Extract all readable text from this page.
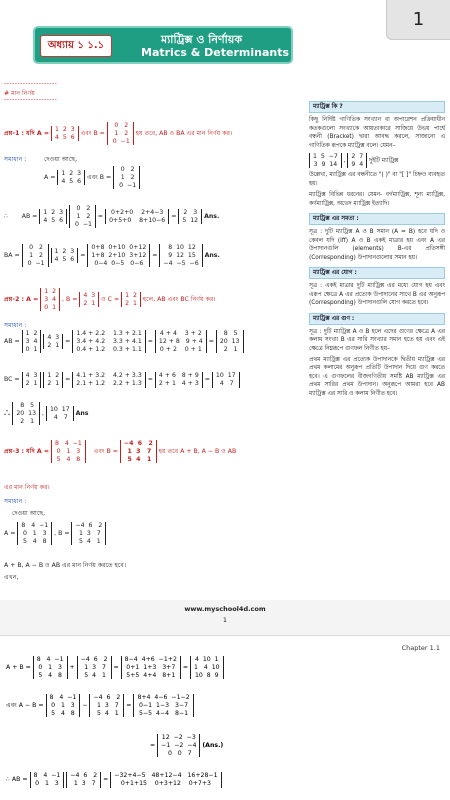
অধ্যায় ১ ১.১	ম্যাট্রিক্স ও নির্ণায়ক
Matrics & Determinants
--------------------
# মান নির্ণয়
--------------------
প্রশ্ন-1 : যদি A =
1  2  3
4  5  6 এবং B =
0   2
1   2
0  −1
হয় তবে, AB ও BA এর মান নির্ণয় কর।
সমাধান :	দেওয়া আছে,
A =
1  2  3
4  5  6 এবং B =
0   2
1   2
0  −1
∴ AB =
1  2  3
4  5  6

0   2
1   2
0  −1
=
0+2+0    2+4−3
0+5+0    8+10−6 =
2   3
5  12 Ans.
BA =
0   2
1   2
0  −1

1  2  3
4  5  6 =
0+8  0+10  0+12
1+8  2+10  3+12
0−4  0−5   0−6
=
8  10  12
9  12  15
−4  −5  −6
Ans.
প্রশ্ন-2 : A =
1  2
3  4
0  1
, B =
4  3
2  1 ও C =
1  2
2  1 হলে, AB এবং BC নির্ণয় কর।
সমাধান :
AB =
1  2
3  4
0  1

4  3
2  1 =
1.4 + 2.2    1.3 + 2.1
3.4 + 4.2    3.3 + 4.1
0.4 + 1.2    0.3 + 1.1
=
4 + 4    3 + 2
12 + 8   9 + 4
0 + 2    0 + 1
=
8   5
20  13
2   1
BC =
4  3
2  1

1  2
2  1 =
4.1 + 3.2    4.2 + 3.3
2.1 + 1.2    2.2 + 1.3 =
4 + 6   8 + 9
2 + 1   4 + 3 =
10  17
4   7
∴
8   5
20  13
2   1
,
10  17
4   7	Ans
প্রশ্ন-3 : যদি A =
8   4  −1
0   1   3
5   4   8
এবং B =
−4  6   2
1  3   7
5  4   1
হয় তবে A + B, A − B ও AB
এর মান নির্ণয় কর।
সমাধান :
দেওয়া আছে,
A =
8   4  −1
0   1   3
5   4   8
, B =
−4  6   2
1  3   7
5  4   1
A + B, A − B ও AB এর মান নির্ণয় করতে হবে।
এখন,
ম্যাট্রিক্স কি ?

কিছু নির্দিষ্ট গাণিতিক সংখ্যান বা অপারেশন প্রক্রিয়াধীন কতকগুলো সংখ্যাকে আয়তাকারে সাজিয়ে উভয় পার্শ্বে বন্ধনী (Bracket) দ্বারা আবদ্ধ করলে, সাজানো এ গাণিতিক রূপকে ম্যাট্রিক্স বলে। যেমন–

1  5  −7
3  9  14
,
2  7
9  4
দুইটি ম্যাট্রিক্স

উল্লেখ্য, ম্যাট্রিক্স এর বন্ধনীতে "( )" বা "[ ]" চিহ্নও ব্যবহৃত হয়।

ম্যাট্রিক্স বিভিন্ন ধরনের। যেমন- বর্গম্যাট্রিক্স, শূন্য ম্যাট্রিক্স, কর্ণম্যাট্রিক্স, অভেদ ম্যাট্রিক্স ইত্যাদি।

ম্যাট্রিক্স এর সমতা :

সূত্র : দুটি ম্যাট্রিক্স A ও B সমান (A = B) হবে যদি ও কেবল যদি (iff) A ও B একই মাত্রার হয় এবং A এর উপাদানগুলি (elements) B-এর প্রতিসঙ্গী (Corresponding) উপাদানগুলোর সমান হয়।

ম্যাট্রিক্স এর যোগ :

সূত্র : একই মাত্রার দুটি ম্যাট্রিক্স এর মধ্যে যোগ হয় এবং এরূপ ক্ষেত্রে A এর প্রত্যেক উপাদানের সাথে B এর অনুরূপ (Corresponding) উপাদানগুলি যোগ করতে হবে।

ম্যাট্রিক্স এর গুণ :

সূত্র : দুটি ম্যাট্রিক্স A ও B হলে এদের গুণের ক্ষেত্রে A এর কলাম সংখ্যা B এর সারি সংখ্যার সমান হতে হয় এবং এই ক্ষেত্রে নিম্নরূপে গুণফল নির্ণীত হয়–

প্রথম ম্যাট্রিক্স এর প্রত্যেক উপাদানকে দ্বিতীয় ম্যাট্রিক্স এর প্রথম কলামের অনুরূপ প্রতিটি উপাদান দিয়ে গুণ করতে হবে। এ গুণফলের বীজগণিতীয় সমষ্টি AB ম্যাট্রিক্স এর প্রথম সারির প্রথম উপাদান। অনুরূপে আমরা হবে AB ম্যাট্রিক্স এর সারি ও কলাম নির্ণীত হবে।

1
www.myschool4d.com
1
Chapter 1.1
A + B =
8   4  −1
0   1   3
5   4   8
+
−4  6   2
1  3   7
5  4   1
=
8−4  4+6  −1+2
0+1  1+3   3+7
5+5  4+4   8+1
=
4  10  1
1   4  10
10  8  9
এবং A − B =
8   4  −1
0   1   3
5   4   8
−
−4  6   2
1  3   7
5  4   1
=
8+4  4−6  −1−2
0−1  1−3   3−7
5−5  4−4   8−1
=
12  −2  −3
−1  −2  −4
0   0   7
(Ans.)
∴ AB =
8   4  −1
0   1   3

−4  6   2
1  3   7 =
−32+4−5   48+12−4   16+28−1
0+1+15    0+3+12    0+7+3
